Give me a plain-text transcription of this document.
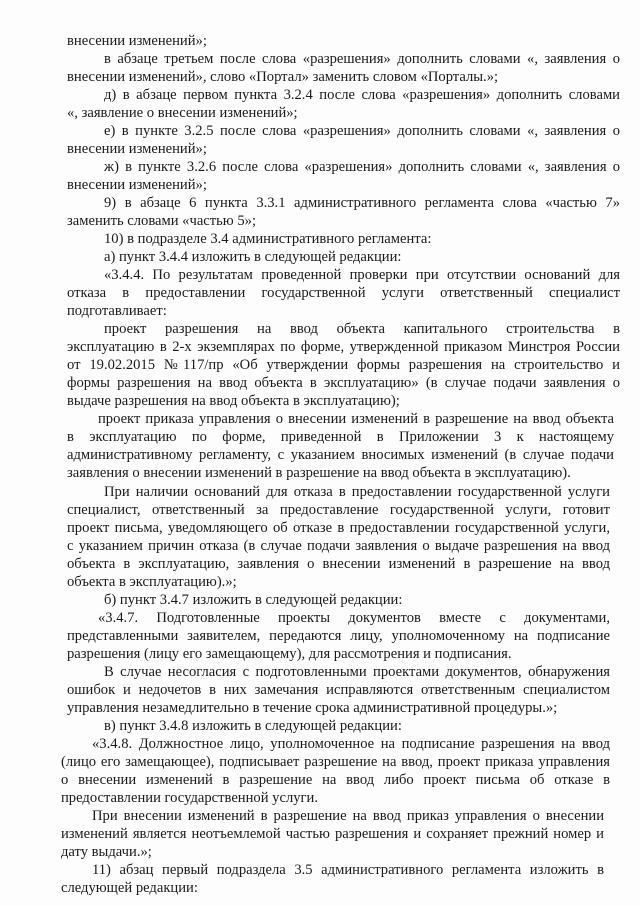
внесении изменений»;

в абзаце третьем после слова «разрешения» дополнить словами «, заявления о

внесении изменений», слово «Портал» заменить словом «Порталы.»;

д) в абзаце первом пункта 3.2.4 после слова «разрешения» дополнить словами

«, заявление о внесении изменений»;

е) в пункте 3.2.5 после слова «разрешения» дополнить словами «, заявления о

внесении изменений»;

ж) в пункте 3.2.6 после слова «разрешения» дополнить словами «, заявления о

внесении изменений»;

9) в абзаце 6 пункта 3.3.1 административного регламента слова «частью 7»

заменить словами «частью 5»;

10) в подразделе 3.4 административного регламента:

а) пункт 3.4.4 изложить в следующей редакции:

«3.4.4. По результатам проведенной проверки при отсутствии оснований для

отказа в предоставлении государственной услуги ответственный специалист

подготавливает:

проект разрешения на ввод объекта капитального строительства в

эксплуатацию в 2-х экземплярах по форме, утвержденной приказом Минстроя России

от 19.02.2015 №117/пр «Об утверждении формы разрешения на строительство и

формы разрешения на ввод объекта в эксплуатацию» (в случае подачи заявления о

выдаче разрешения на ввод объекта в эксплуатацию);

проект приказа управления о внесении изменений в разрешение на ввод объекта

в эксплуатацию по форме, приведенной в Приложении 3 к настоящему

административному регламенту, с указанием вносимых изменений (в случае подачи

заявления о внесении изменений в разрешение на ввод объекта в эксплуатацию).

При наличии оснований для отказа в предоставлении государственной услуги

специалист, ответственный за предоставление государственной услуги, готовит

проект письма, уведомляющего об отказе в предоставлении государственной услуги,

с указанием причин отказа (в случае подачи заявления о выдаче разрешения на ввод

объекта в эксплуатацию, заявления о внесении изменений в разрешение на ввод

объекта в эксплуатацию).»;

б) пункт 3.4.7 изложить в следующей редакции:

«3.4.7. Подготовленные проекты документов вместе с документами,

представленными заявителем, передаются лицу, уполномоченному на подписание

разрешения (лицу его замещающему), для рассмотрения и подписания.

В случае несогласия с подготовленными проектами документов, обнаружения

ошибок и недочетов в них замечания исправляются ответственным специалистом

управления незамедлительно в течение срока административной процедуры.»;

в) пункт 3.4.8 изложить в следующей редакции:

«3.4.8. Должностное лицо, уполномоченное на подписание разрешения на ввод

(лицо его замещающее), подписывает разрешение на ввод, проект приказа управления

о внесении изменений в разрешение на ввод либо проект письма об отказе в

предоставлении государственной услуги.

При внесении изменений в разрешение на ввод приказ управления о внесении

изменений является неотъемлемой частью разрешения и сохраняет прежний номер и

дату выдачи.»;

11) абзац первый подраздела 3.5 административного регламента изложить в

следующей редакции:
